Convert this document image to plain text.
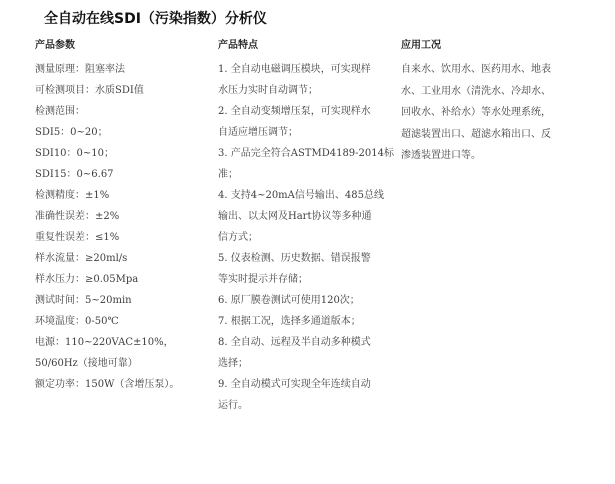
全自动在线SDI（污染指数）分析仪
产品参数
测量原理：阻塞率法
可检测项目：水质SDI值
检测范围：
SDI5：0~20；
SDI10：0~10；
SDI15：0~6.67
检测精度：±1%
准确性误差：±2%
重复性误差：≤1%
样水流量：≥20ml/s
样水压力：≥0.05Mpa
测试时间：5~20min
环境温度：0-50℃
电源：110~220VAC±10%，
50/60Hz（接地可靠）
额定功率：150W（含增压泵）。
产品特点
1. 全自动电磁调压模块，可实现样
水压力实时自动调节；
2. 全自动变频增压泵，可实现样水
自适应增压调节；
3. 产品完全符合ASTMD4189-2014标
准；
4. 支持4~20mA信号输出、485总线
输出、以太网及Hart协议等多种通
信方式；
5. 仪表检测、历史数据、错误报警
等实时提示并存储；
6. 原厂膜卷测试可使用120次；
7. 根据工况，选择多通道版本；
8. 全自动、远程及半自动多种模式
选择；
9. 全自动模式可实现全年连续自动
运行。
应用工况
自来水、饮用水、医药用水、地表
水、工业用水（清洗水、冷却水、
回收水、补给水）等水处理系统，
超滤装置出口、超滤水箱出口、反
渗透装置进口等。
